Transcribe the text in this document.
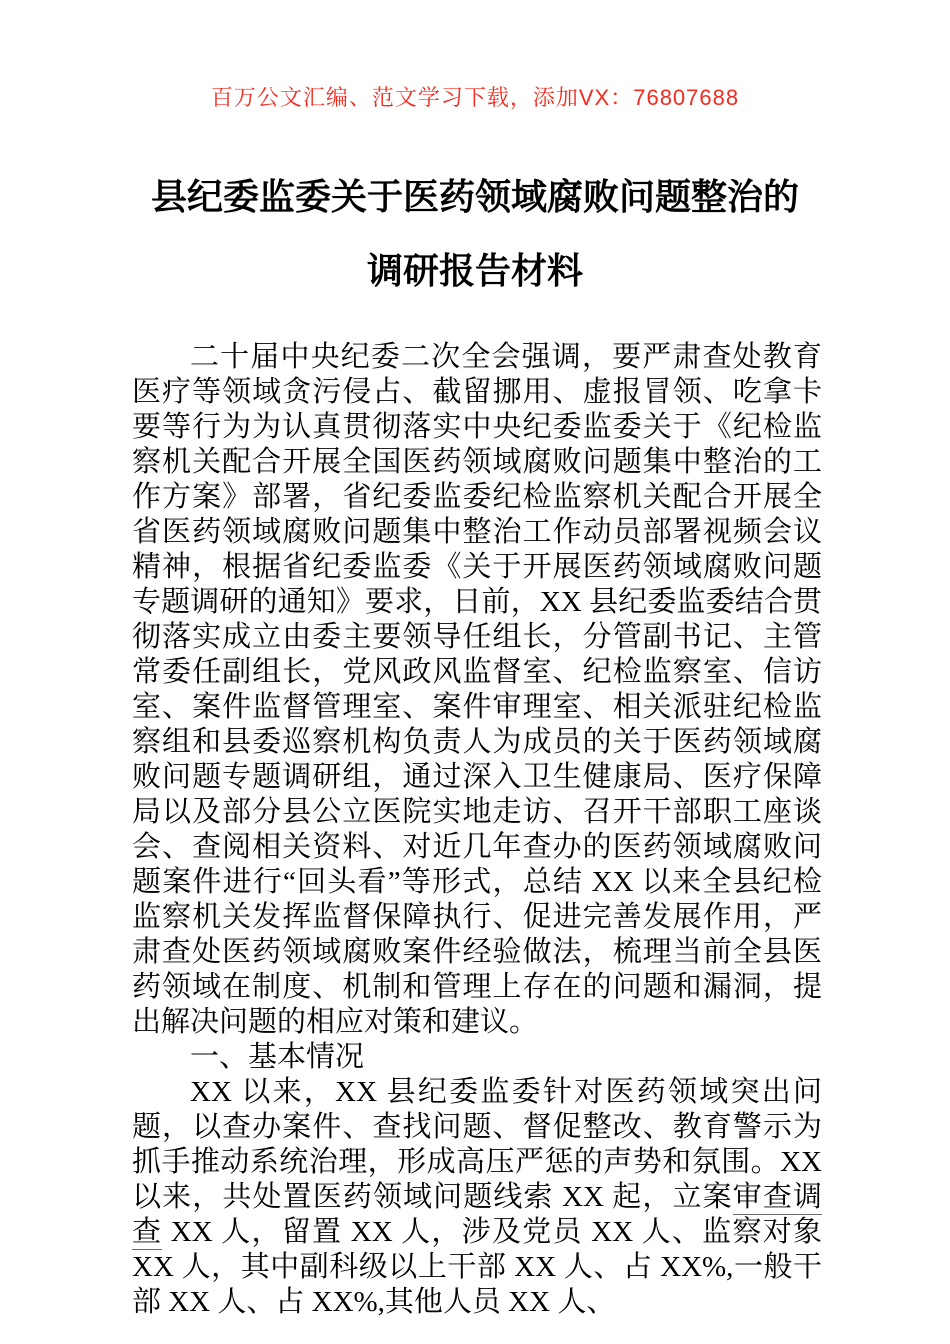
百万公文汇编、范文学习下载，添加VX：76807688
县纪委监委关于医药领域腐败问题整治的
调研报告材料

二十届中央纪委二次全会强调，要严肃查处教育医疗等领域贪污侵占、截留挪用、虚报冒领、吃拿卡要等行为为认真贯彻落实中央纪委监委关于《纪检监察机关配合开展全国医药领域腐败问题集中整治的工作方案》部署，省纪委监委纪检监察机关配合开展全省医药领域腐败问题集中整治工作动员部署视频会议精神，根据省纪委监委《关于开展医药领域腐败问题专题调研的通知》要求，日前，XX 县纪委监委结合贯彻落实成立由委主要领导任组长，分管副书记、主管常委任副组长，党风政风监督室、纪检监察室、信访室、案件监督管理室、案件审理室、相关派驻纪检监察组和县委巡察机构负责人为成员的关于医药领域腐败问题专题调研组，通过深入卫生健康局、医疗保障局以及部分县公立医院实地走访、召开干部职工座谈会、查阅相关资料、对近几年查办的医药领域腐败问题案件进行“回头看”等形式，总结 XX 以来全县纪检监察机关发挥监督保障执行、促进完善发展作用，严肃查处医药领域腐败案件经验做法，梳理当前全县医药领域在制度、机制和管理上存在的问题和漏洞，提出解决问题的相应对策和建议。

一、基本情况

XX 以来，XX 县纪委监委针对医药领域突出问题，以查办案件、查找问题、督促整改、教育警示为抓手推动系统治理，形成高压严惩的声势和氛围。XX 以来，共处置医药领域问题线索 XX 起，立案审查调查 XX 人，留置 XX 人，涉及党员 XX 人、监察对象 XX 人，其中副科级以上干部 XX 人、占 XX%,一般干部 XX 人、占 XX%,其他人员 XX 人、
